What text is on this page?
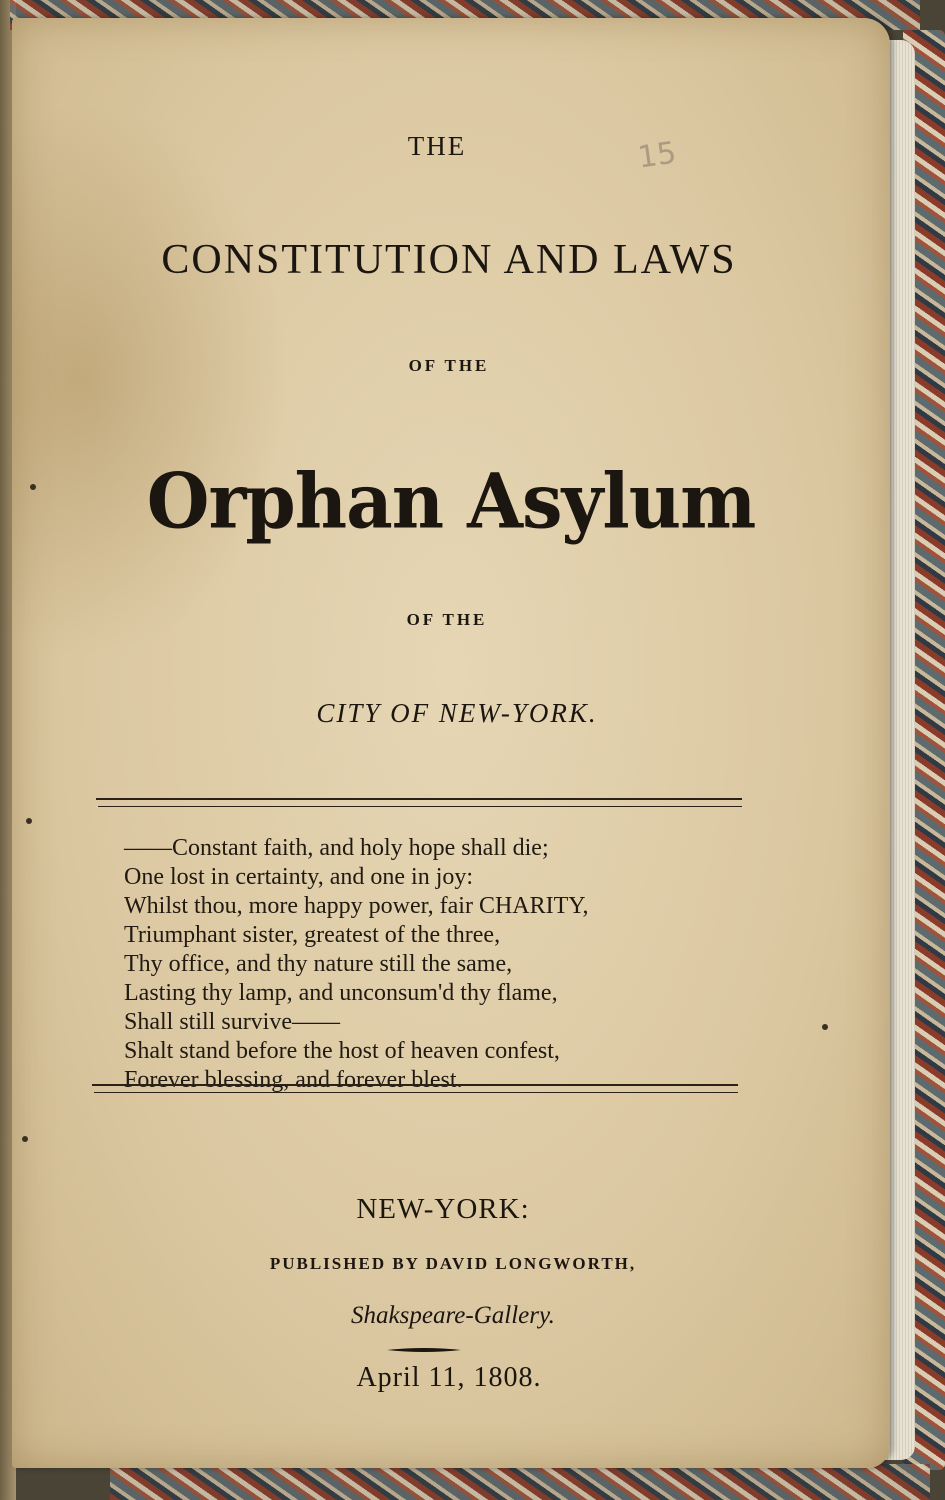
15
THE
CONSTITUTION AND LAWS
OF THE
Orphan Asylum
OF THE
CITY OF NEW-YORK.
——Constant faith, and holy hope shall die;
One lost in certainty, and one in joy:
Whilst thou, more happy power, fair CHARITY,
Triumphant sister, greatest of the three,
Thy office, and thy nature still the same,
Lasting thy lamp, and unconsum'd thy flame,
Shall still survive——
Shalt stand before the host of heaven confest,
Forever blessing, and forever blest.
NEW-YORK:
PUBLISHED BY DAVID LONGWORTH,
Shakspeare-Gallery.
April 11, 1808.
